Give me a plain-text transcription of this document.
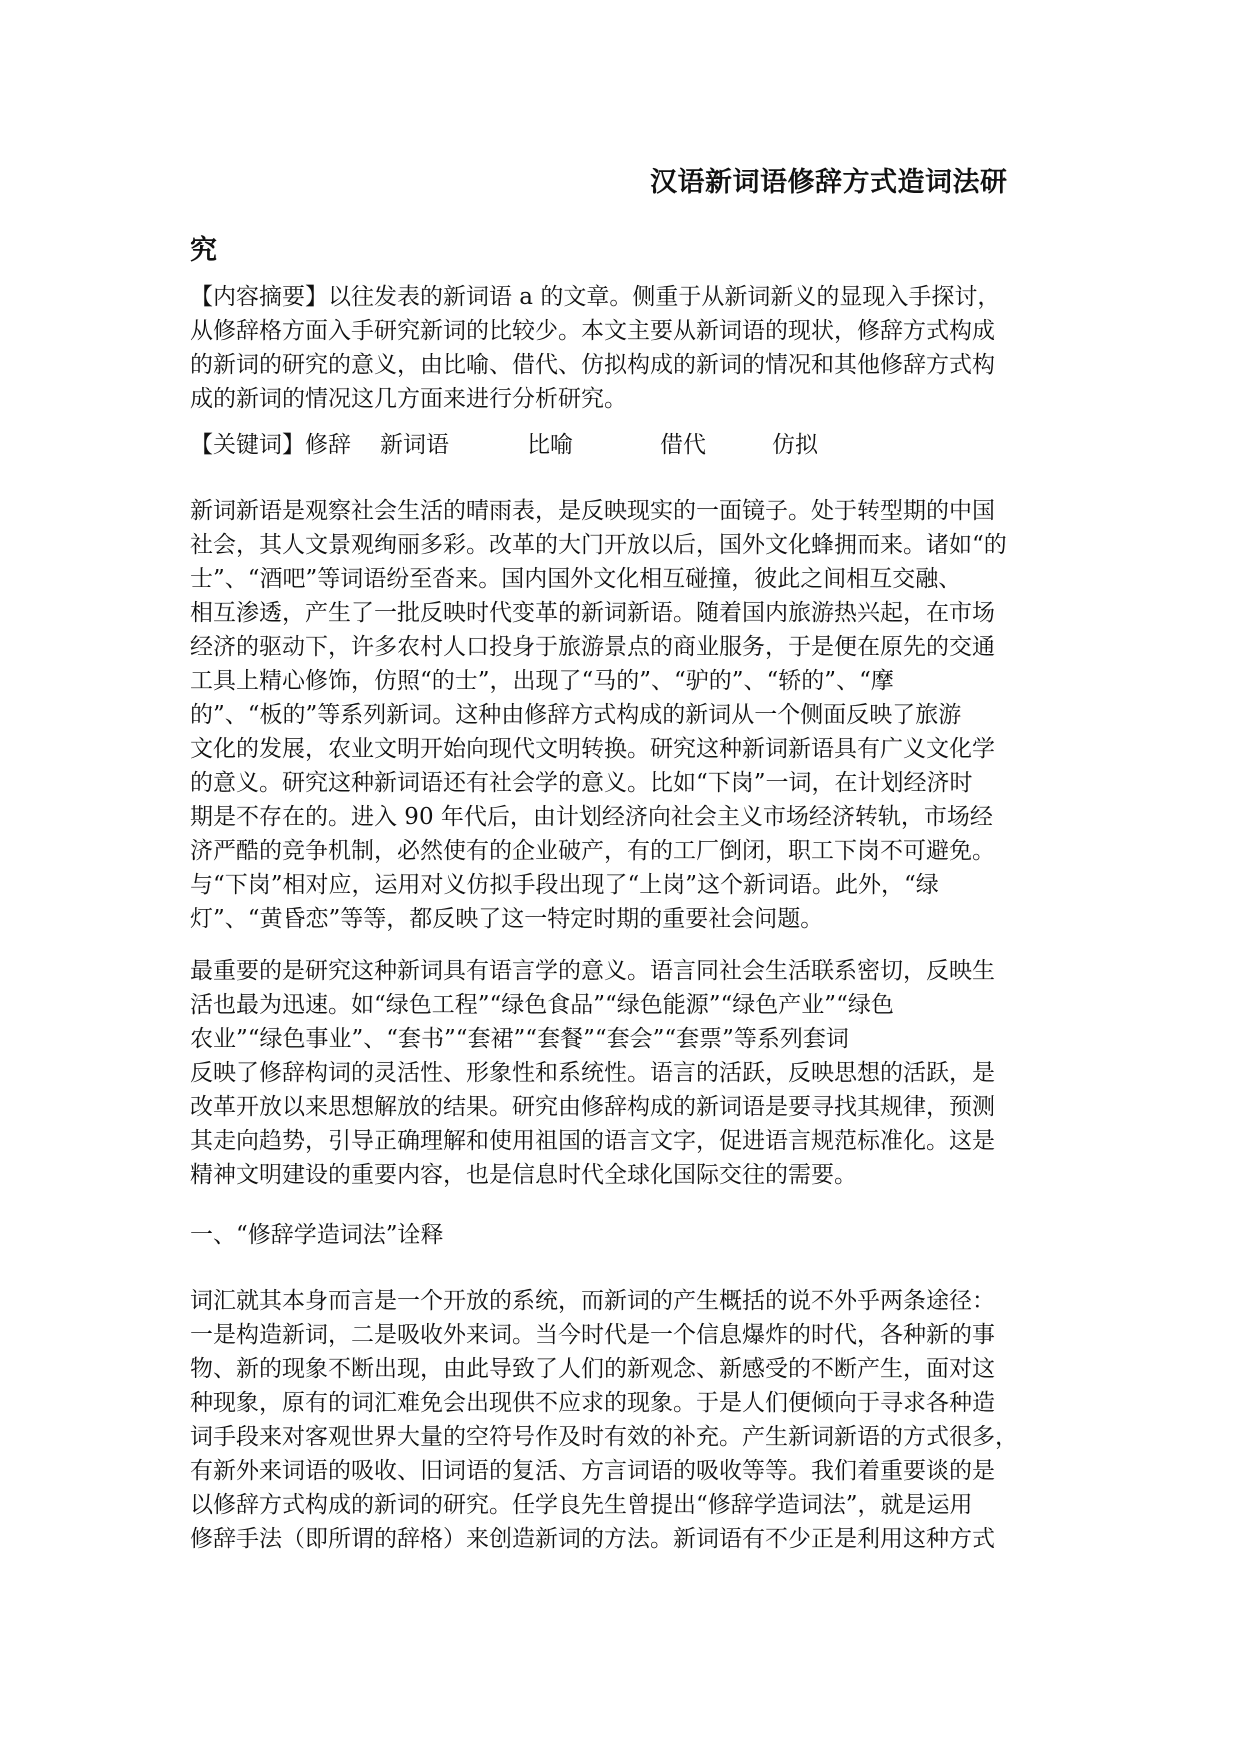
汉语新词语修辞方式造词法研
究
【内容摘要】以往发表的新词语 a 的文章。侧重于从新词新义的显现入手探讨，
从修辞格方面入手研究新词的比较少。本文主要从新词语的现状，修辞方式构成
的新词的研究的意义，由比喻、借代、仿拟构成的新词的情况和其他修辞方式构
成的新词的情况这几方面来进行分析研究。
【关键词】修辞 新词语	比喻	借代	仿拟
新词新语是观察社会生活的晴雨表，是反映现实的一面镜子。处于转型期的中国
社会，其人文景观绚丽多彩。改革的大门开放以后，国外文化蜂拥而来。诸如“的
士”、“酒吧”等词语纷至沓来。国内国外文化相互碰撞，彼此之间相互交融、
相互渗透，产生了一批反映时代变革的新词新语。随着国内旅游热兴起，在市场
经济的驱动下，许多农村人口投身于旅游景点的商业服务，于是便在原先的交通
工具上精心修饰，仿照“的士”，出现了“马的”、“驴的”、“轿的”、“摩
的”、“板的”等系列新词。这种由修辞方式构成的新词从一个侧面反映了旅游
文化的发展，农业文明开始向现代文明转换。研究这种新词新语具有广义文化学
的意义。研究这种新词语还有社会学的意义。比如“下岗”一词，在计划经济时
期是不存在的。进入 90 年代后，由计划经济向社会主义市场经济转轨，市场经
济严酷的竞争机制，必然使有的企业破产，有的工厂倒闭，职工下岗不可避免。
与“下岗”相对应，运用对义仿拟手段出现了“上岗”这个新词语。此外，“绿
灯”、“黄昏恋”等等，都反映了这一特定时期的重要社会问题。
最重要的是研究这种新词具有语言学的意义。语言同社会生活联系密切，反映生
活也最为迅速。如“绿色工程”“绿色食品”“绿色能源”“绿色产业”“绿色
农业”“绿色事业”、“套书”“套裙”“套餐”“套会”“套票”等系列套词
反映了修辞构词的灵活性、形象性和系统性。语言的活跃，反映思想的活跃，是
改革开放以来思想解放的结果。研究由修辞构成的新词语是要寻找其规律，预测
其走向趋势，引导正确理解和使用祖国的语言文字，促进语言规范标准化。这是
精神文明建设的重要内容，也是信息时代全球化国际交往的需要。
一、“修辞学造词法”诠释
词汇就其本身而言是一个开放的系统，而新词的产生概括的说不外乎两条途径：
一是构造新词，二是吸收外来词。当今时代是一个信息爆炸的时代，各种新的事
物、新的现象不断出现，由此导致了人们的新观念、新感受的不断产生，面对这
种现象，原有的词汇难免会出现供不应求的现象。于是人们便倾向于寻求各种造
词手段来对客观世界大量的空符号作及时有效的补充。产生新词新语的方式很多，
有新外来词语的吸收、旧词语的复活、方言词语的吸收等等。我们着重要谈的是
以修辞方式构成的新词的研究。任学良先生曾提出“修辞学造词法”，就是运用
修辞手法（即所谓的辞格）来创造新词的方法。新词语有不少正是利用这种方式
